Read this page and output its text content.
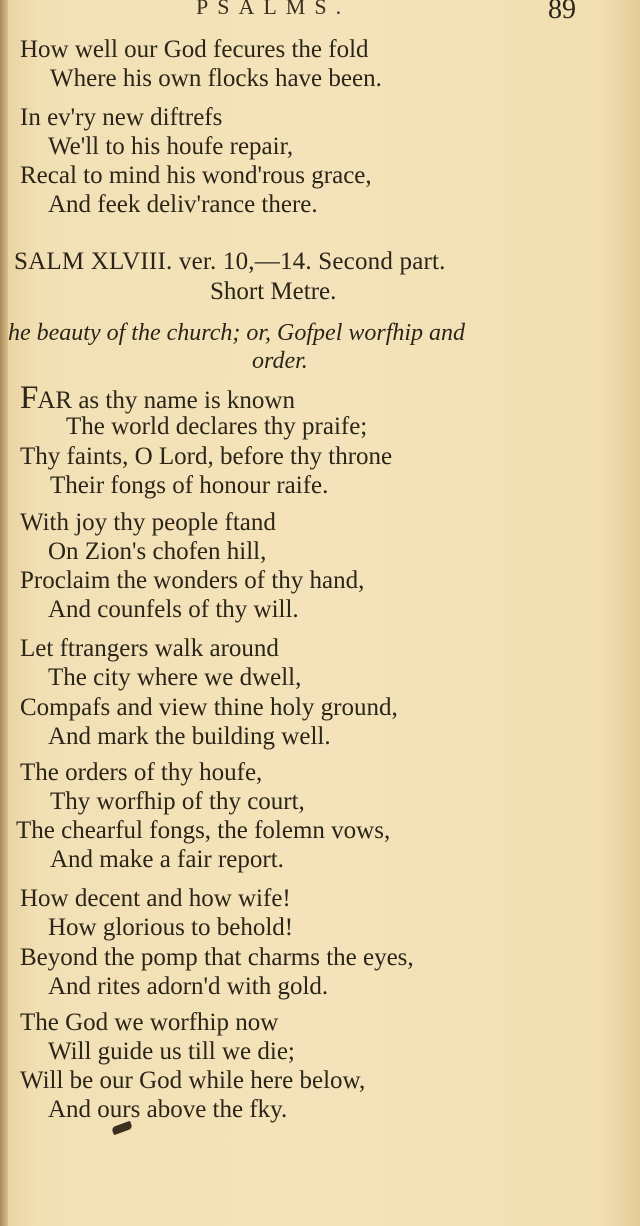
PSALMS.	89
How well our God fecures the fold
Where his own flocks have been.
In ev'ry new diftrefs
We'll to his houfe repair,
Recal to mind his wond'rous grace,
And feek deliv'rance there.
SALM XLVIII. ver. 10,—14. Second part.
Short Metre.
he beauty of the church; or, Gofpel worfhip and
order.
FAR as thy name is known
The world declares thy praife;
Thy faints, O Lord, before thy throne
Their fongs of honour raife.
With joy thy people ftand
On Zion's chofen hill,
Proclaim the wonders of thy hand,
And counfels of thy will.
Let ftrangers walk around
The city where we dwell,
Compafs and view thine holy ground,
And mark the building well.
The orders of thy houfe,
Thy worfhip of thy court,
The chearful fongs, the folemn vows,
And make a fair report.
How decent and how wife!
How glorious to behold!
Beyond the pomp that charms the eyes,
And rites adorn'd with gold.
The God we worfhip now
Will guide us till we die;
Will be our God while here below,
And ours above the fky.
